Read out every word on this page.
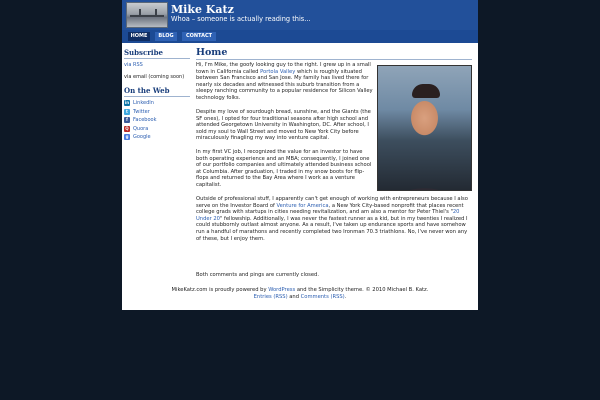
Mike Katz
Whoa – someone is actually reading this...
HOME	BLOG	CONTACT
Subscribe
via RSS
via email (coming soon)
On the Web
in LinkedIn
t	Twitter
f	Facebook
Q Quora
g Google
Home

Hi, I'm Mike, the goofy looking guy to the right. I grew up in a small town in California called Portola Valley which is roughly situated between San Francisco and San Jose. My family has lived there for nearly six decades and witnessed this suburb transition from a sleepy ranching community to a popular residence for Silicon Valley technology folks.

Despite my love of sourdough bread, sunshine, and the Giants (the SF ones), I opted for four traditional seasons after high school and attended Georgetown University in Washington, DC. After school, I sold my soul to Wall Street and moved to New York City before miraculously finagling my way into venture capital.

In my first VC job, I recognized the value for an investor to have both operating experience and an MBA; consequently, I joined one of our portfolio companies and ultimately attended business school at Columbia. After graduation, I traded in my snow boots for flip-flops and returned to the Bay Area where I work as a venture capitalist.

Outside of professional stuff, I apparently can't get enough of working with entrepreneurs because I also serve on the Investor Board of Venture for America, a New York City-based nonprofit that places recent college grads with startups in cities needing revitalization, and am also a mentor for Peter Thiel's "20 Under 20" fellowship. Additionally, I was never the fastest runner as a kid, but in my twenties I realized I could stubbornly outlast almost anyone. As a result, I've taken up endurance sports and have somehow run a handful of marathons and recently completed two Ironman 70.3 triathlons. No, I've never won any of these, but I enjoy them.

Both comments and pings are currently closed.

MikeKatz.com is proudly powered by WordPress and the Simplicity theme. © 2010 Michael B. Katz.
Entries (RSS) and Comments (RSS).
